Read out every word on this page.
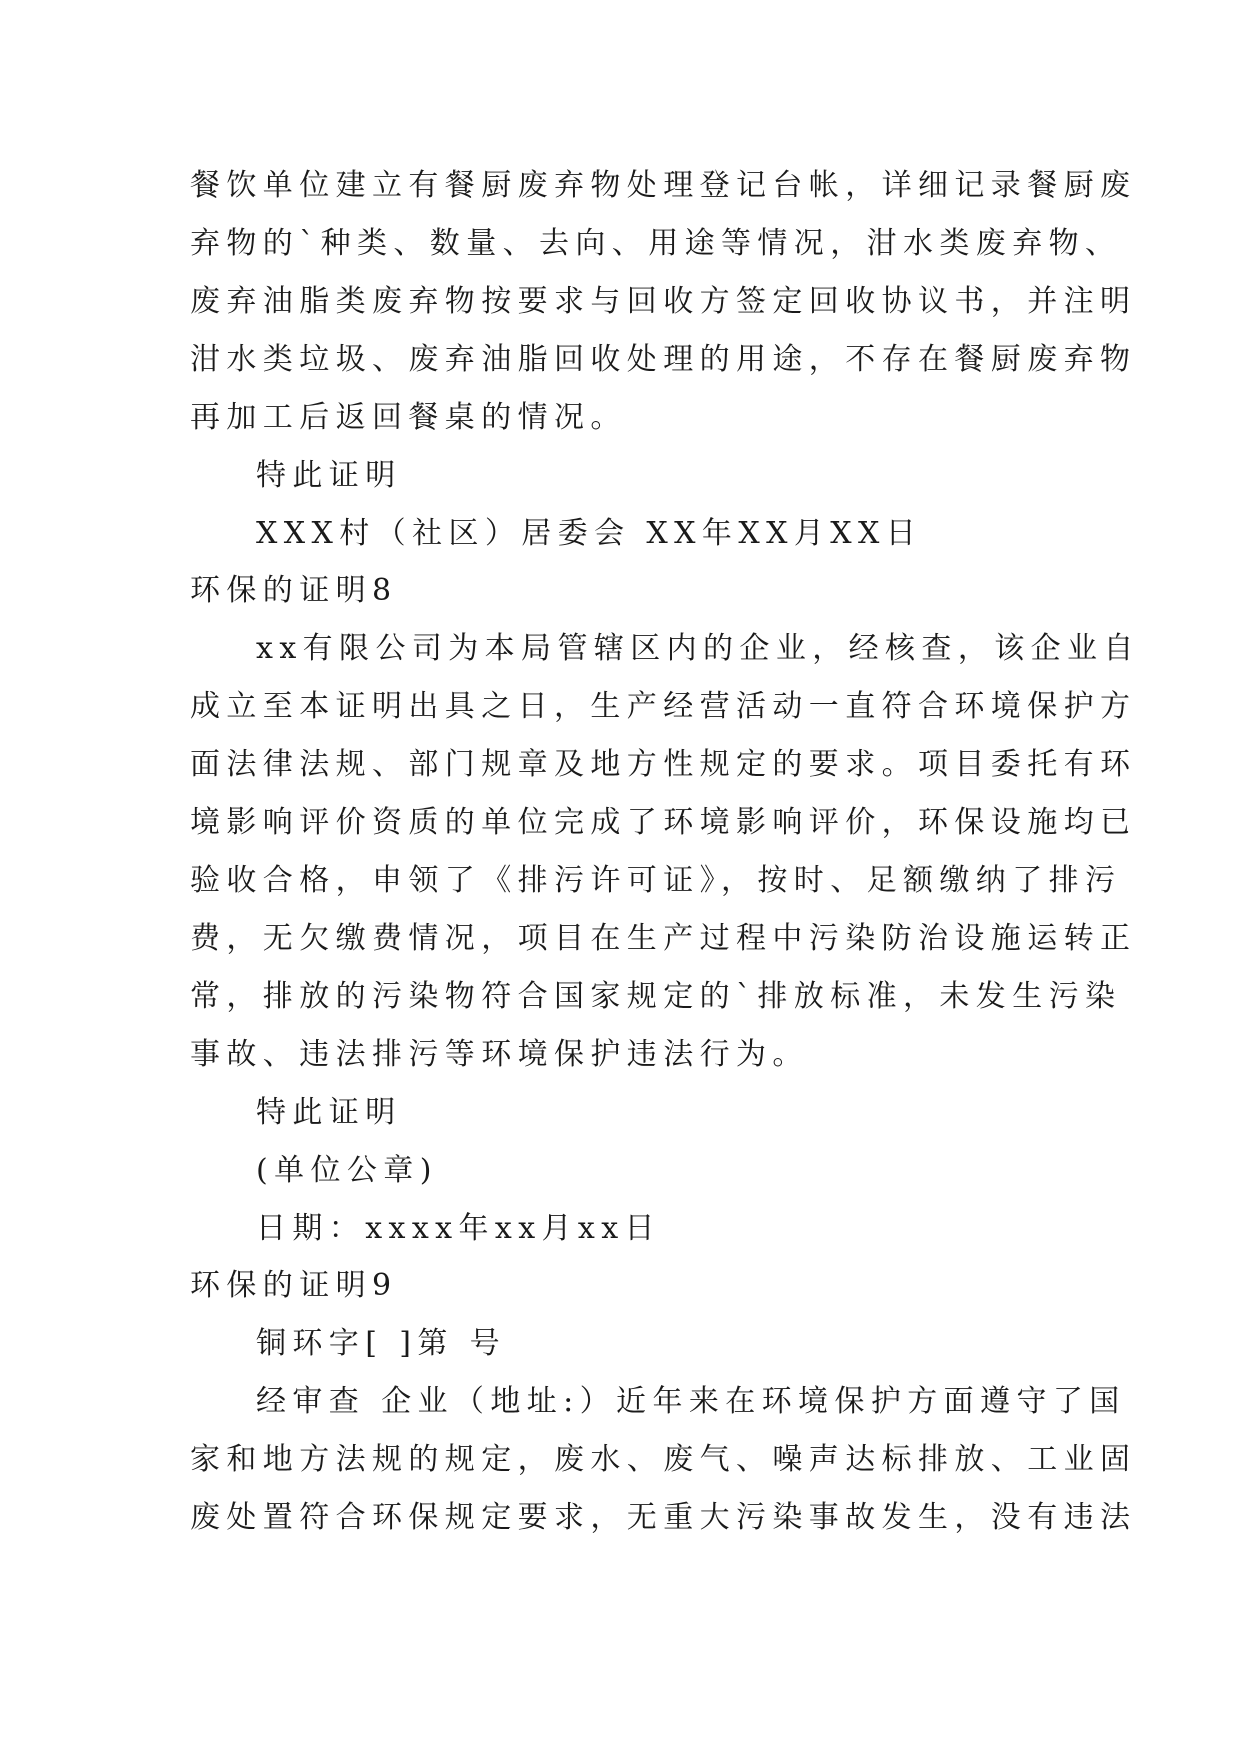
餐饮单位建立有餐厨废弃物处理登记台帐，详细记录餐厨废
弃物的`种类、数量、去向、用途等情况，泔水类废弃物、
废弃油脂类废弃物按要求与回收方签定回收协议书，并注明
泔水类垃圾、废弃油脂回收处理的用途，不存在餐厨废弃物
再加工后返回餐桌的情况。
特此证明
XXX村（社区）居委会 XX年XX月XX日
环保的证明8
xx有限公司为本局管辖区内的企业，经核查，该企业自
成立至本证明出具之日，生产经营活动一直符合环境保护方
面法律法规、部门规章及地方性规定的要求。项目委托有环
境影响评价资质的单位完成了环境影响评价，环保设施均已
验收合格，申领了《排污许可证》，按时、足额缴纳了排污
费，无欠缴费情况，项目在生产过程中污染防治设施运转正
常，排放的污染物符合国家规定的`排放标准，未发生污染
事故、违法排污等环境保护违法行为。
特此证明
(单位公章)
日期：xxxx年xx月xx日
环保的证明9
铜环字[ ]第 号
经审查 企业（地址:）近年来在环境保护方面遵守了国
家和地方法规的规定，废水、废气、噪声达标排放、工业固
废处置符合环保规定要求，无重大污染事故发生，没有违法
